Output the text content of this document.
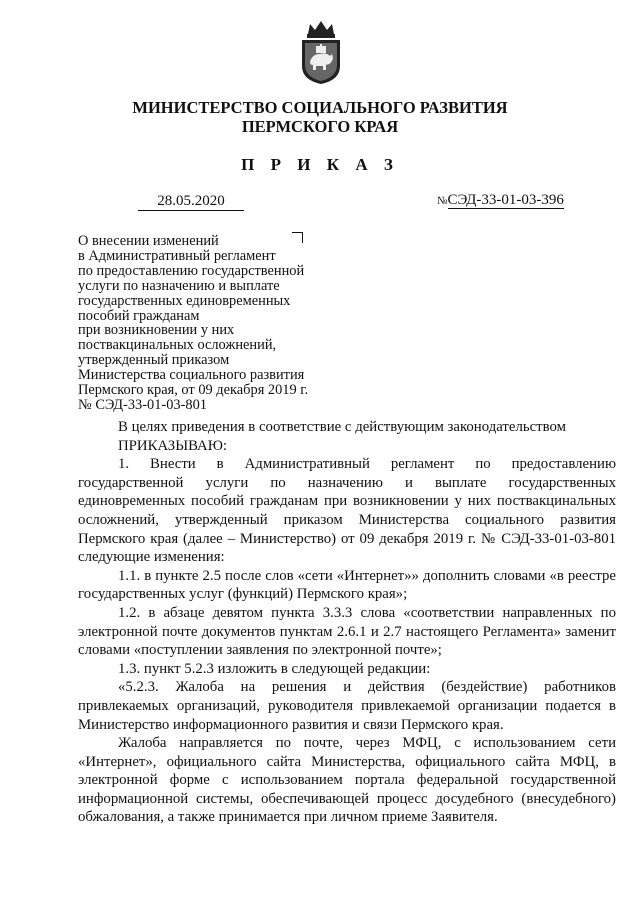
МИНИСТЕРСТВО СОЦИАЛЬНОГО РАЗВИТИЯ
ПЕРМСКОГО КРАЯ
П Р И К А З
28.05.2020	№СЭД-33-01-03-396
О внесении изменений
в Административный регламент
по предоставлению государственной
услуги по назначению и выплате
государственных единовременных
пособий гражданам
при возникновении у них
поствакцинальных осложнений,
утвержденный приказом
Министерства социального развития
Пермского края, от 09 декабря 2019 г.
№ СЭД-33-01-03-801

В целях приведения в соответствие с действующим законодательством

ПРИКАЗЫВАЮ:

1. Внести в Административный регламент по предоставлению государственной услуги по назначению и выплате государственных единовременных пособий гражданам при возникновении у них поствакцинальных осложнений, утвержденный приказом Министерства социального развития Пермского края (далее – Министерство) от 09 декабря 2019 г. № СЭД-33-01-03-801 следующие изменения:

1.1. в пункте 2.5 после слов «сети «Интернет»» дополнить словами «в реестре государственных услуг (функций) Пермского края»;

1.2. в абзаце девятом пункта 3.3.3 слова «соответствии направленных по электронной почте документов пунктам 2.6.1 и 2.7 настоящего Регламента» заменит словами «поступлении заявления по электронной почте»;

1.3. пункт 5.2.3 изложить в следующей редакции:

«5.2.3. Жалоба на решения и действия (бездействие) работников привлекаемых организаций, руководителя привлекаемой организации подается в Министерство информационного развития и связи Пермского края.

Жалоба направляется по почте, через МФЦ, с использованием сети «Интернет», официального сайта Министерства, официального сайта МФЦ, в электронной форме с использованием портала федеральной государственной информационной системы, обеспечивающей процесс досудебного (внесудебного) обжалования, а также принимается при личном приеме Заявителя.
